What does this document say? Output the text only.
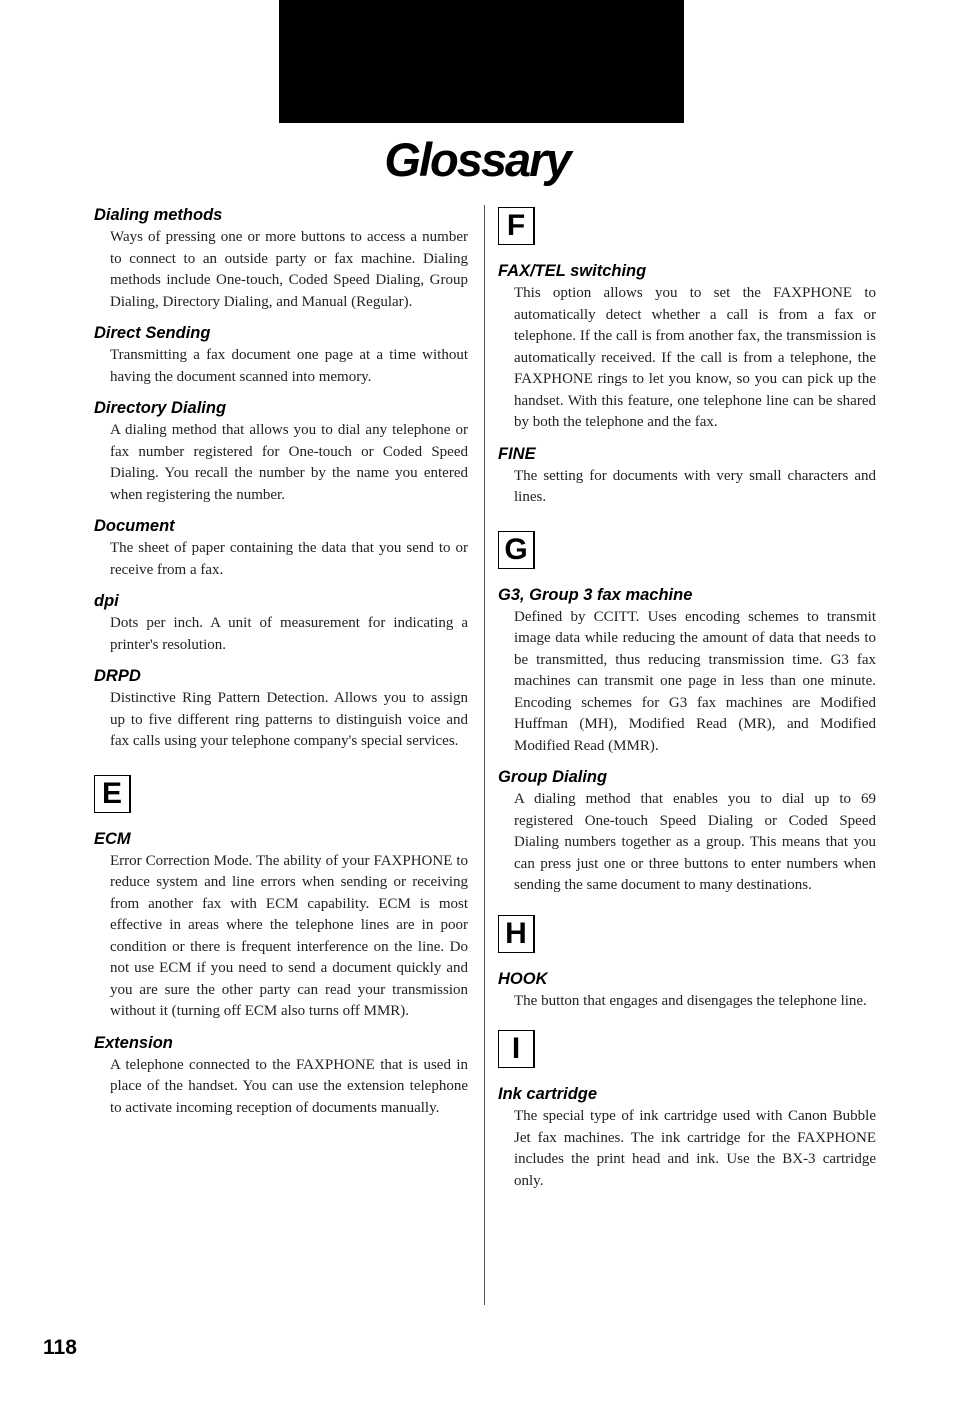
Glossary
Dialing methods
Ways of pressing one or more buttons to access a number to connect to an outside party or fax machine. Dialing methods include One-touch, Coded Speed Dialing, Group Dialing, Directory Dialing, and Manual (Regular).
Direct Sending
Transmitting a fax document one page at a time without having the document scanned into memory.
Directory Dialing
A dialing method that allows you to dial any telephone or fax number registered for One-touch or Coded Speed Dialing. You recall the number by the name you entered when registering the number.
Document
The sheet of paper containing the data that you send to or receive from a fax.
dpi
Dots per inch. A unit of measurement for indicating a printer's resolution.
DRPD
Distinctive Ring Pattern Detection. Allows you to assign up to five different ring patterns to distinguish voice and fax calls using your telephone company's special services.
E
ECM
Error Correction Mode. The ability of your FAXPHONE to reduce system and line errors when sending or receiving from another fax with ECM capability. ECM is most effective in areas where the telephone lines are in poor condition or there is frequent interference on the line. Do not use ECM if you need to send a document quickly and you are sure the other party can read your transmission without it (turning off ECM also turns off MMR).
Extension
A telephone connected to the FAXPHONE that is used in place of the handset. You can use the extension telephone to activate incoming reception of documents manually.
F
FAX/TEL switching
This option allows you to set the FAXPHONE to automatically detect whether a call is from a fax or telephone. If the call is from another fax, the transmission is automatically received. If the call is from a telephone, the FAXPHONE rings to let you know, so you can pick up the handset. With this feature, one telephone line can be shared by both the telephone and the fax.
FINE
The setting for documents with very small characters and lines.
G
G3, Group 3 fax machine
Defined by CCITT. Uses encoding schemes to transmit image data while reducing the amount of data that needs to be transmitted, thus reducing transmission time. G3 fax machines can transmit one page in less than one minute. Encoding schemes for G3 fax machines are Modified Huffman (MH), Modified Read (MR), and Modified Modified Read (MMR).
Group Dialing
A dialing method that enables you to dial up to 69 registered One-touch Speed Dialing or Coded Speed Dialing numbers together as a group. This means that you can press just one or three buttons to enter numbers when sending the same document to many destinations.
H
HOOK
The button that engages and disengages the telephone line.
I
Ink cartridge
The special type of ink cartridge used with Canon Bubble Jet fax machines. The ink cartridge for the FAXPHONE includes the print head and ink. Use the BX-3 cartridge only.
118
